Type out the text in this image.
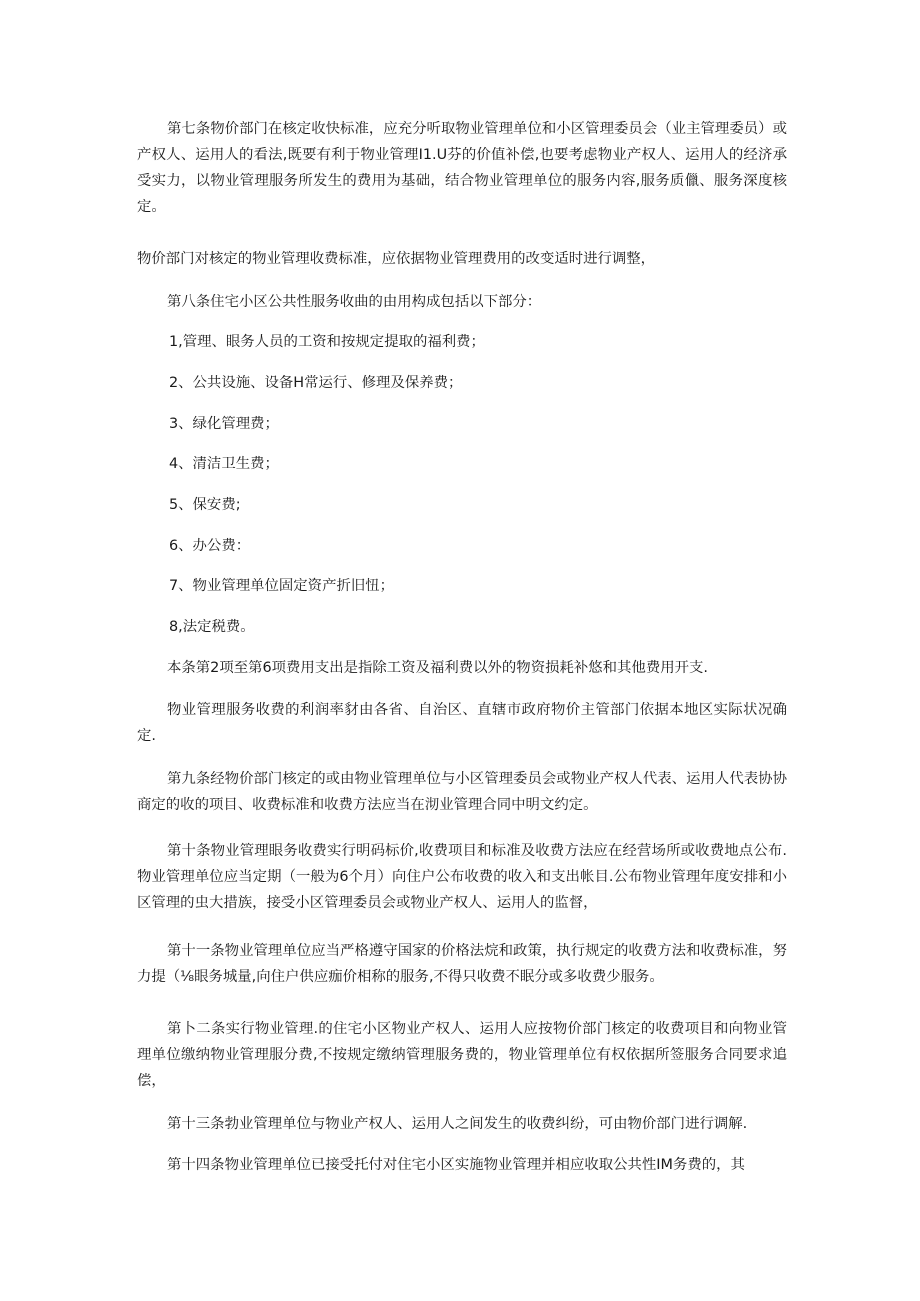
第七条物价部门在核定收快标准，应充分听取物业管理单位和小区管理委员会（业主管理委员）或产权人、运用人的看法,既要有利于物业管理I1.U芬的价值补偿,也要考虑物业产权人、运用人的经济承受实力，以物业管理服务所发生的费用为基础，结合物业管理单位的服务内容,服务质儠、服务深度核定。

物价部门对核定的物业管理收费标准，应依据物业管理费用的改变适时进行调整，

第八条住宅小区公共性服务收曲的由用构成包括以下部分：

1,管理、眼务人员的工资和按规定提取的福利费；

2、公共设施、设备H常运行、修理及保养费；

3、绿化管理费；

4、清洁卫生费；

5、保安费;

6、办公费：

7、物业管理单位固定资产折旧忸；

8,法定税费。

本条第2项至第6项费用支出是指除工资及福利费以外的物资损耗补悠和其他费用开支.

物业管理服务收费的利润率豺由各省、自治区、直辖市政府物价主管部门依据本地区实际状况确定.

第九条经物价部门核定的或由物业管理单位与小区管理委员会或物业产权人代表、运用人代表协协商定的收的项目、收费标准和收费方法应当在沏业管理合同中明文约定。

第十条物业管理眼务收费实行明码标价,收费项目和标准及收费方法应在经营场所或收费地点公布.物业管理单位应当定期（一般为6个月）向住户公布收费的收入和支出帐目.公布物业管理年度安排和小区管理的虫大措族，接受小区管理委员会或物业产权人、运用人的监督，

第十一条物业管理单位应当严格遵守国家的价格法烷和政策，执行规定的收费方法和收费标准，努力提（⅛眼务城量,向住户供应痂价相称的服务,不得只收费不眠分或多收费少服务。

第卜二条实行物业管理.的住宅小区物业产权人、运用人应按物价部门核定的收费项目和向物业管理单位缴纳物业管理服分费,不按规定缴纳管理服务费的，物业管理单位有权依据所签服务合同要求追偿，

第十三条勃业管理单位与物业产权人、运用人之间发生的收费纠纷，可由物价部门进行调解.

第十四条物业管理单位已接受托付对住宅小区实施物业管理并相应收取公共性IM务费的，其
